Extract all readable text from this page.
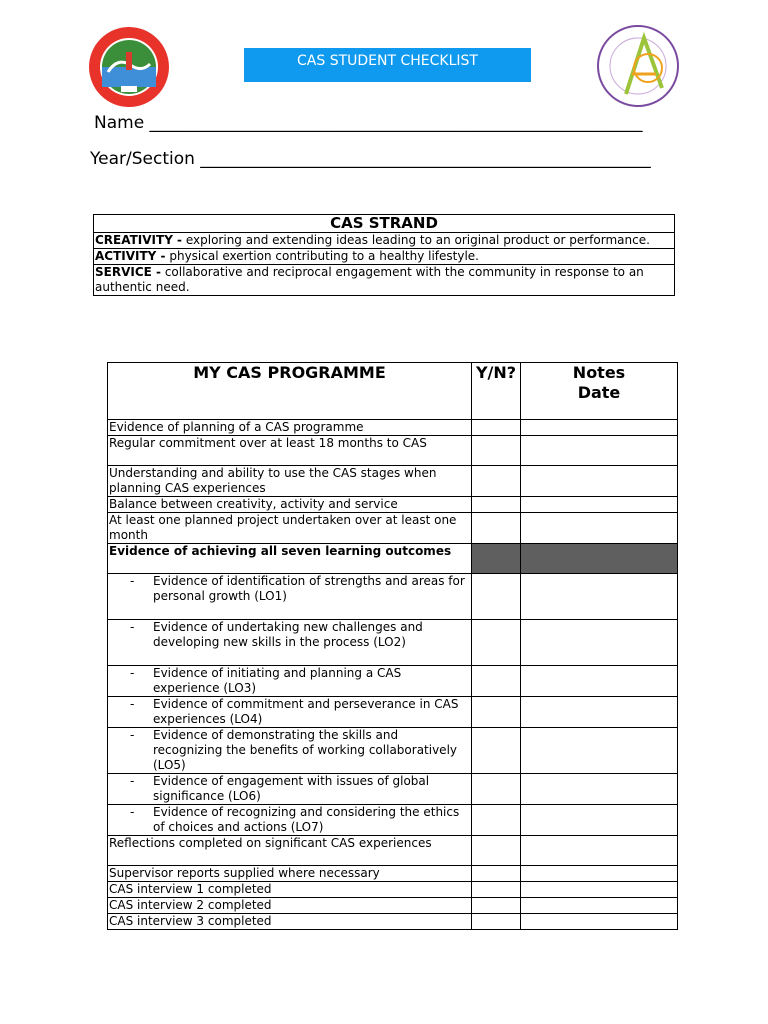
CAS STUDENT CHECKLIST
Name __________________________________________________________
Year/Section _____________________________________________________
CAS STRAND
CREATIVITY - exploring and extending ideas leading to an original product or performance.
ACTIVITY - physical exertion contributing to a healthy lifestyle.
SERVICE - collaborative and reciprocal engagement with the community in response to an authentic need.
MY CAS PROGRAMME	Y/N?	Notes
Date

Evidence of planning of a CAS programme		
Regular commitment over at least 18 months to CAS		
Understanding and ability to use the CAS stages when planning CAS experiences		
Balance between creativity, activity and service		
At least one planned project undertaken over at least one month		
Evidence of achieving all seven learning outcomes		

- Evidence of identification of strengths and areas for personal growth (LO1)		

- Evidence of undertaking new challenges and developing new skills in the process (LO2)		

- Evidence of initiating and planning a CAS experience (LO3)		

- Evidence of commitment and perseverance in CAS experiences (LO4)		

- Evidence of demonstrating the skills and recognizing the benefits of working collaboratively (LO5)		

- Evidence of engagement with issues of global significance (LO6)		

- Evidence of recognizing and considering the ethics of choices and actions (LO7)		
Reflections completed on significant CAS experiences		
Supervisor reports supplied where necessary		
CAS interview 1 completed		
CAS interview 2 completed		
CAS interview 3 completed		
